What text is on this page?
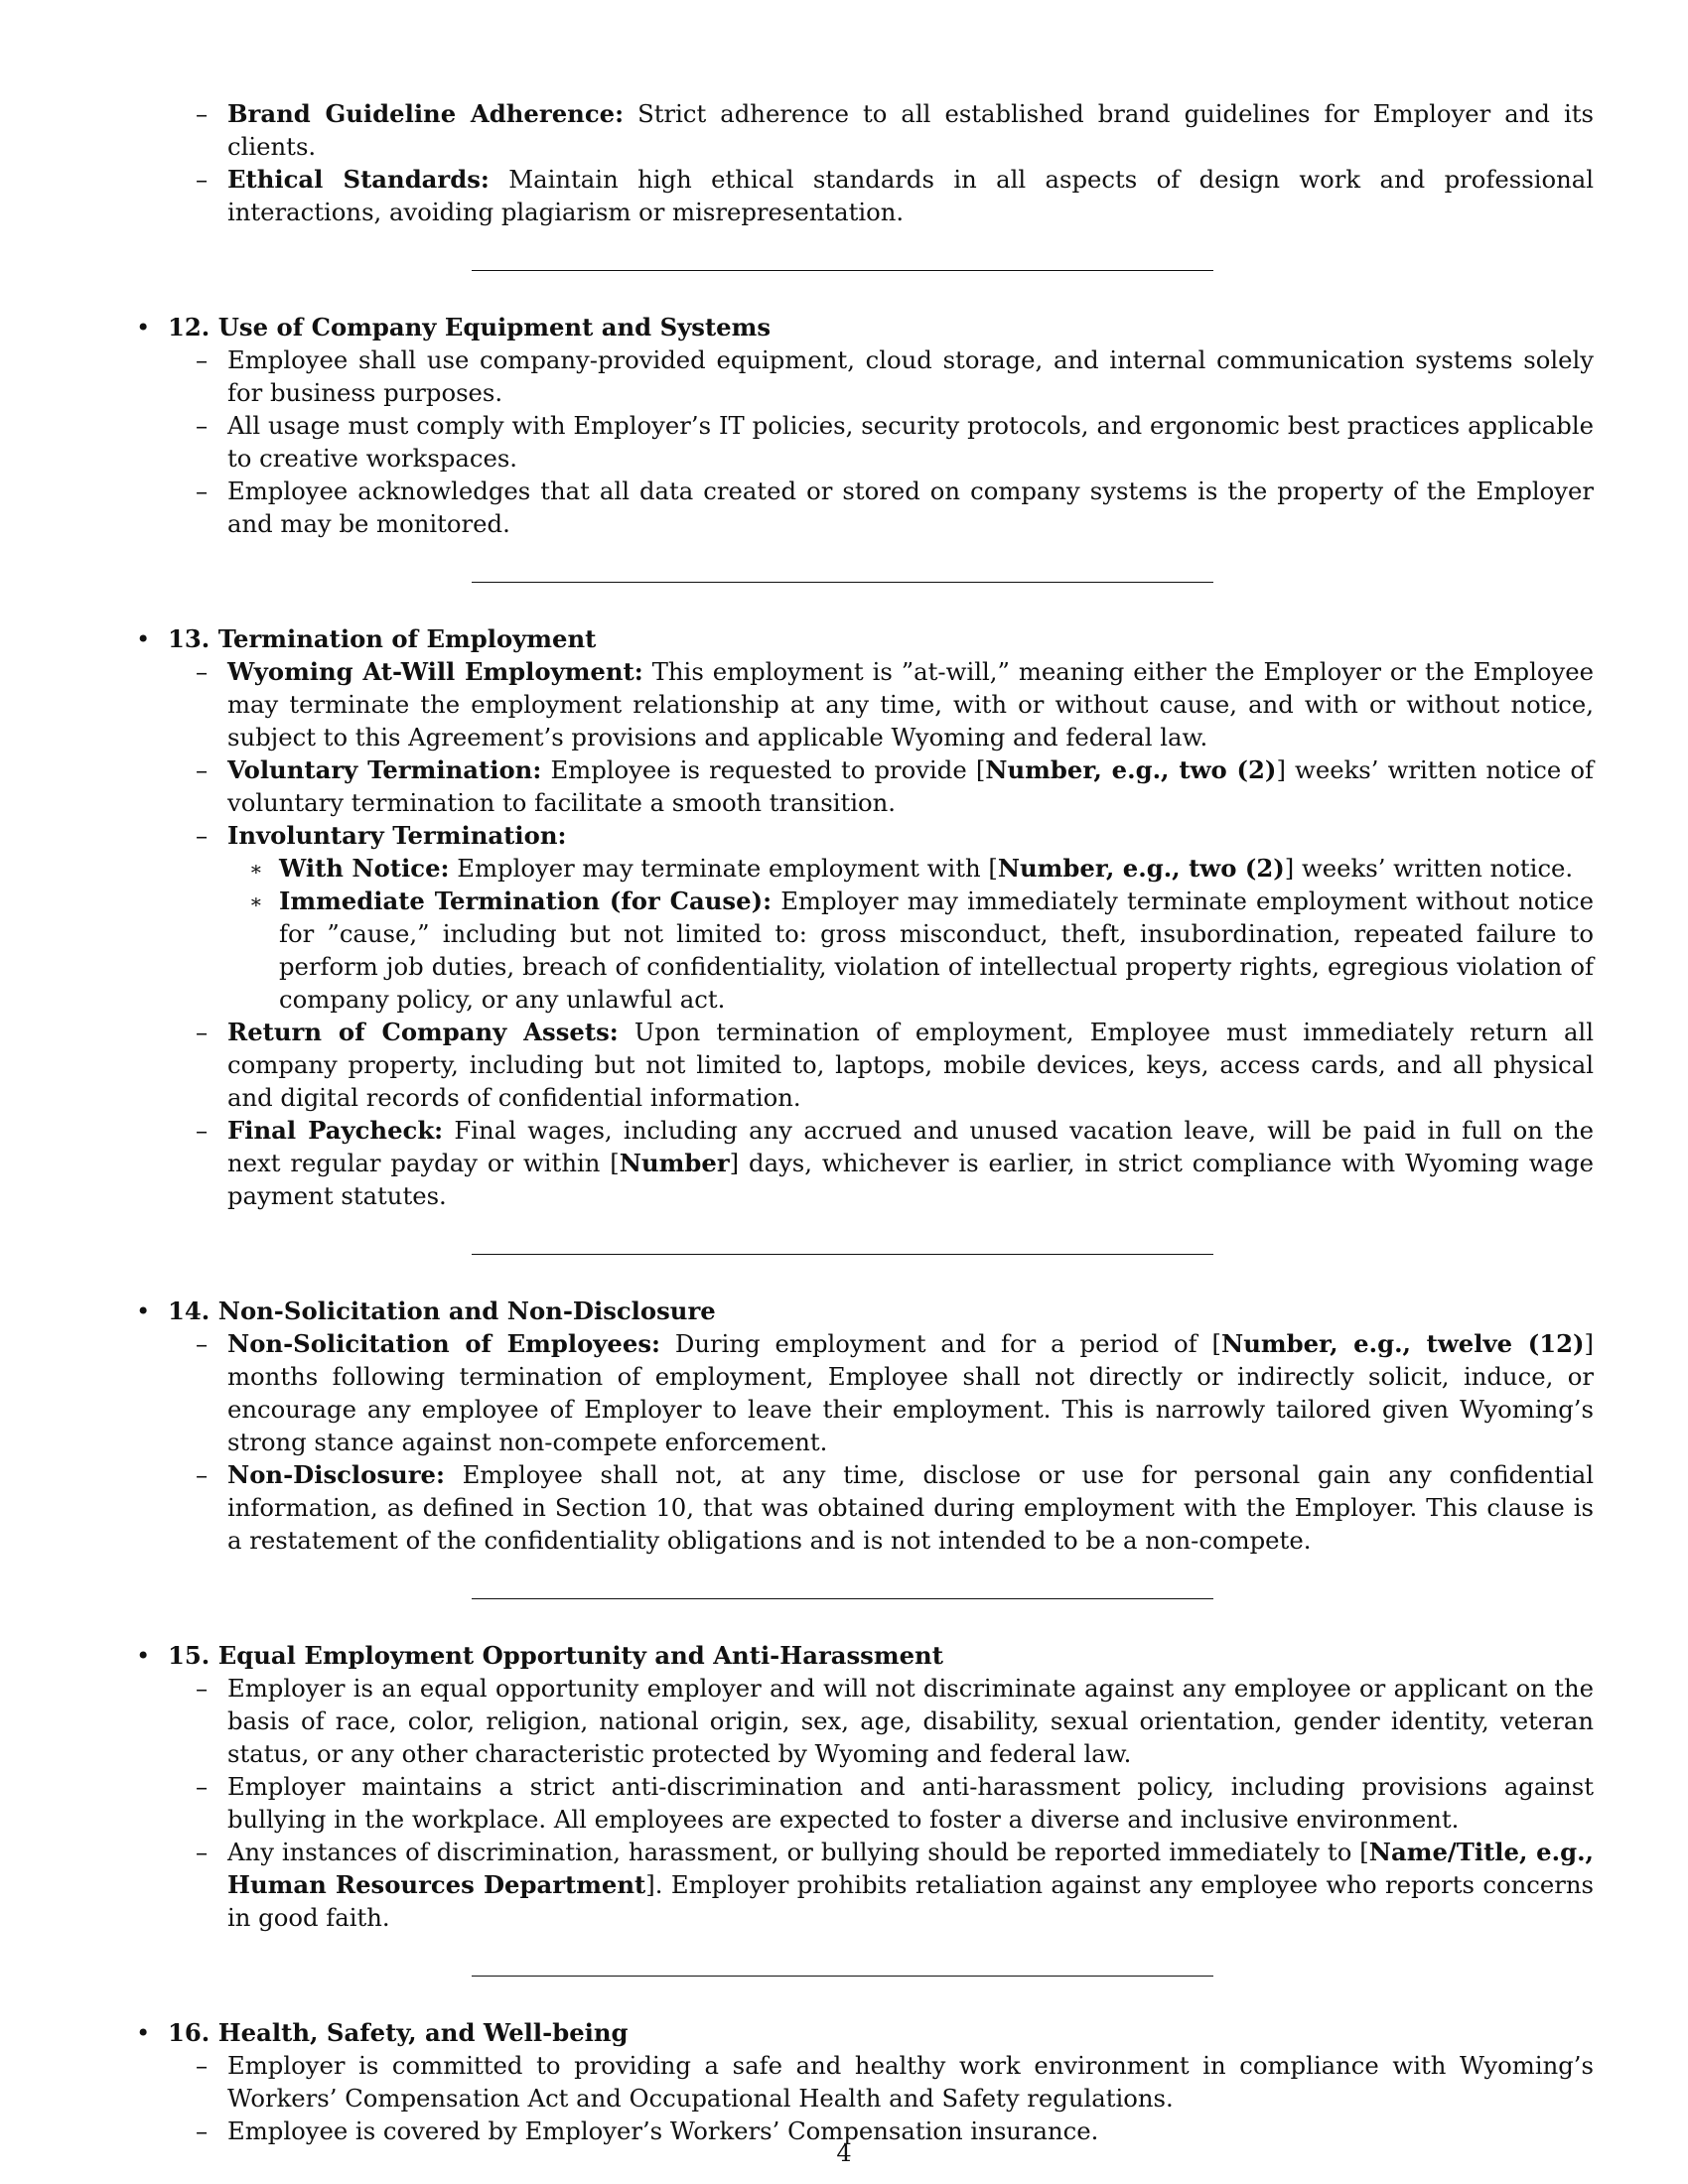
– Brand Guideline Adherence: Strict adherence to all established brand guidelines for Employer and its clients.
– Ethical Standards: Maintain high ethical standards in all aspects of design work and professional interactions, avoiding plagiarism or misrepresentation.
• 12. Use of Company Equipment and Systems
– Employee shall use company-provided equipment, cloud storage, and internal communication systems solely for business purposes.
– All usage must comply with Employer’s IT policies, security protocols, and ergonomic best practices applicable to creative workspaces.
– Employee acknowledges that all data created or stored on company systems is the property of the Employer and may be monitored.
• 13. Termination of Employment
– Wyoming At-Will Employment: This employment is ”at-will,” meaning either the Employer or the Employee may terminate the employment relationship at any time, with or without cause, and with or without notice, subject to this Agreement’s provisions and applicable Wyoming and federal law.
– Voluntary Termination: Employee is requested to provide [Number, e.g., two (2)] weeks’ written notice of voluntary termination to facilitate a smooth transition.
– Involuntary Termination:
∗ With Notice: Employer may terminate employment with [Number, e.g., two (2)] weeks’ written notice.
∗ Immediate Termination (for Cause): Employer may immediately terminate employment without notice for ”cause,” including but not limited to: gross misconduct, theft, insubordination, repeated failure to perform job duties, breach of confidentiality, violation of intellectual property rights, egregious violation of company policy, or any unlawful act.
– Return of Company Assets: Upon termination of employment, Employee must immediately return all company property, including but not limited to, laptops, mobile devices, keys, access cards, and all physical and digital records of confidential information.
– Final Paycheck: Final wages, including any accrued and unused vacation leave, will be paid in full on the next regular payday or within [Number] days, whichever is earlier, in strict compliance with Wyoming wage payment statutes.
• 14. Non-Solicitation and Non-Disclosure
– Non-Solicitation of Employees: During employment and for a period of [Number, e.g., twelve (12)] months following termination of employment, Employee shall not directly or indirectly solicit, induce, or encourage any employee of Employer to leave their employment. This is narrowly tailored given Wyoming’s strong stance against non-compete enforcement.
– Non-Disclosure: Employee shall not, at any time, disclose or use for personal gain any confidential information, as defined in Section 10, that was obtained during employment with the Employer. This clause is a restatement of the confidentiality obligations and is not intended to be a non-compete.
• 15. Equal Employment Opportunity and Anti-Harassment
– Employer is an equal opportunity employer and will not discriminate against any employee or applicant on the basis of race, color, religion, national origin, sex, age, disability, sexual orientation, gender identity, veteran status, or any other characteristic protected by Wyoming and federal law.
– Employer maintains a strict anti-discrimination and anti-harassment policy, including provisions against bullying in the workplace. All employees are expected to foster a diverse and inclusive environment.
– Any instances of discrimination, harassment, or bullying should be reported immediately to [Name/Title, e.g., Human Resources Department]. Employer prohibits retaliation against any employee who reports concerns in good faith.
• 16. Health, Safety, and Well-being
– Employer is committed to providing a safe and healthy work environment in compliance with Wyoming’s Workers’ Compensation Act and Occupational Health and Safety regulations.
– Employee is covered by Employer’s Workers’ Compensation insurance.
4
